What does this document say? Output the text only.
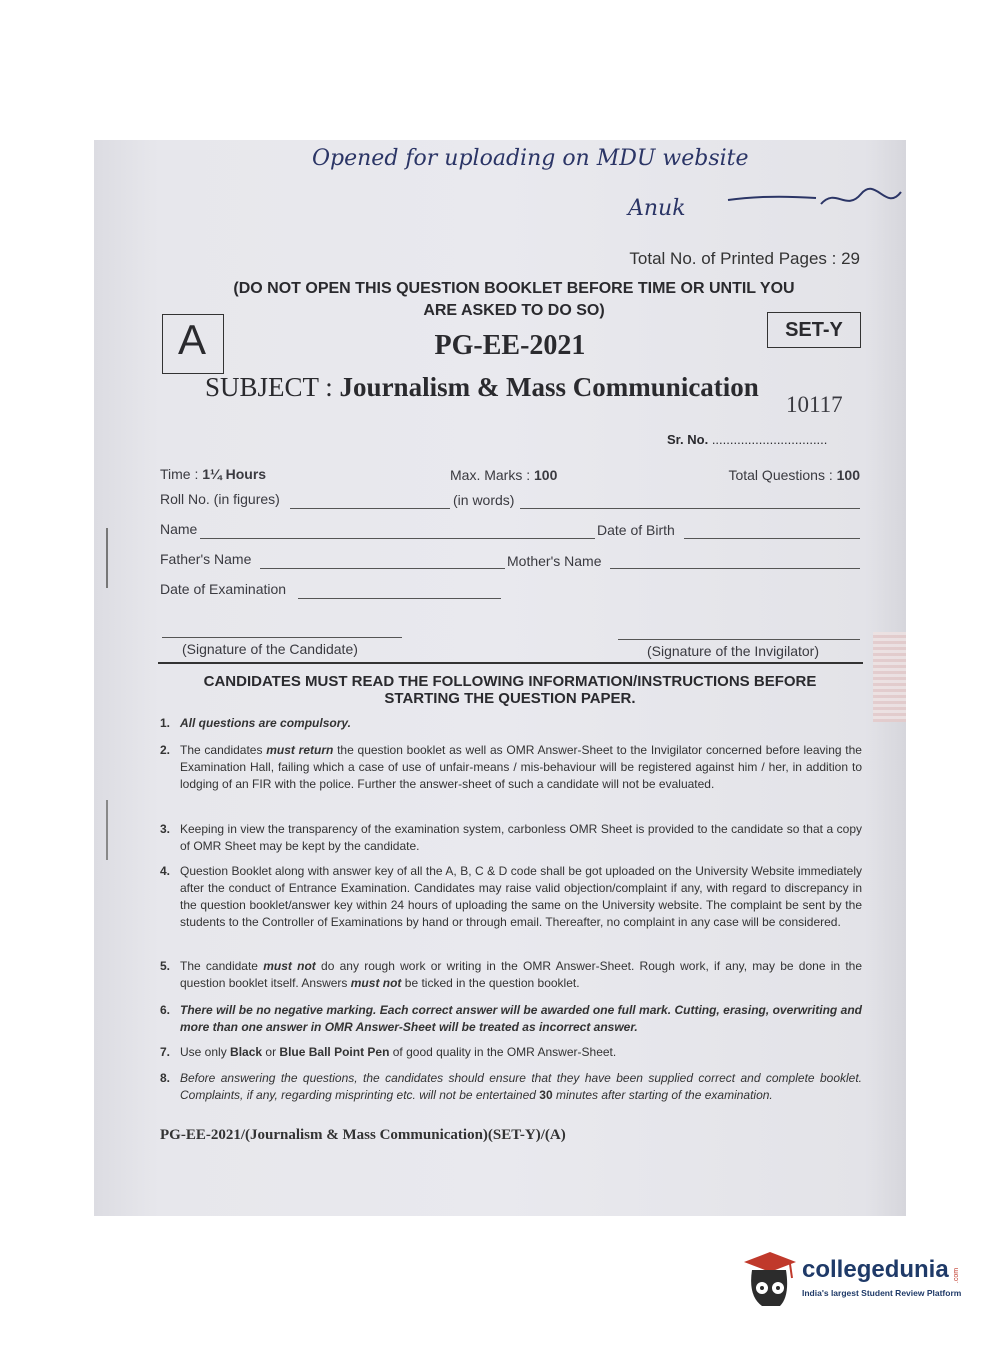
Opened for uploading on MDU website
Anuk
Total No. of Printed Pages : 29
(DO NOT OPEN THIS QUESTION BOOKLET BEFORE TIME OR UNTIL YOU
ARE ASKED TO DO SO)
A	SET-Y
PG-EE-2021
SUBJECT : Journalism & Mass Communication
10117
Sr. No. ................................
Time : 1¼ Hours	Max. Marks : 100	Total Questions : 100
Roll No. (in figures)	(in words)
Name	Date of Birth
Father's Name	Mother's Name
Date of Examination
(Signature of the Candidate)	(Signature of the Invigilator)
CANDIDATES MUST READ THE FOLLOWING INFORMATION/INSTRUCTIONS BEFORE
STARTING THE QUESTION PAPER.
1. All questions are compulsory.
2. The candidates must return the question booklet as well as OMR Answer-Sheet to the Invigilator concerned before leaving the Examination Hall, failing which a case of use of unfair-means / mis-behaviour will be registered against him / her, in addition to lodging of an FIR with the police. Further the answer-sheet of such a candidate will not be evaluated.
3. Keeping in view the transparency of the examination system, carbonless OMR Sheet is provided to the candidate so that a copy of OMR Sheet may be kept by the candidate.
4. Question Booklet along with answer key of all the A, B, C & D code shall be got uploaded on the University Website immediately after the conduct of Entrance Examination. Candidates may raise valid objection/complaint if any, with regard to discrepancy in the question booklet/answer key within 24 hours of uploading the same on the University website. The complaint be sent by the students to the Controller of Examinations by hand or through email. Thereafter, no complaint in any case will be considered.
5. The candidate must not do any rough work or writing in the OMR Answer-Sheet. Rough work, if any, may be done in the question booklet itself. Answers must not be ticked in the question booklet.
6. There will be no negative marking. Each correct answer will be awarded one full mark. Cutting, erasing, overwriting and more than one answer in OMR Answer-Sheet will be treated as incorrect answer.
7. Use only Black or Blue Ball Point Pen of good quality in the OMR Answer-Sheet.
8. Before answering the questions, the candidates should ensure that they have been supplied correct and complete booklet. Complaints, if any, regarding misprinting etc. will not be entertained 30 minutes after starting of the examination.
PG-EE-2021/(Journalism & Mass Communication)(SET-Y)/(A)
collegedunia .com
India's largest Student Review Platform
